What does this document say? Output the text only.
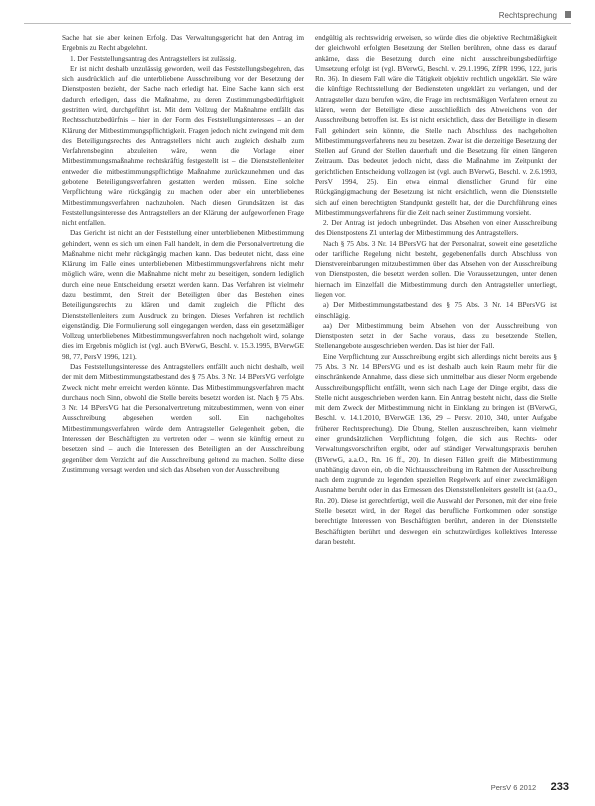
Rechtsprechung

Sache hat sie aber keinen Erfolg. Das Verwaltungsgericht hat den Antrag im Ergebnis zu Recht abgelehnt.

1. Der Feststellungsantrag des Antragstellers ist zulässig.

Er ist nicht deshalb unzulässig geworden, weil das Feststellungsbegehren, das sich ausdrücklich auf die unterbliebene Ausschreibung vor der Besetzung der Dienstposten bezieht, der Sache nach erledigt hat. Eine Sache kann sich erst dadurch erledigen, dass die Maßnahme, zu deren Zustimmungsbedürftigkeit gestritten wird, durchgeführt ist. Mit dem Vollzug der Maßnahme entfällt das Rechtsschutzbedürfnis – hier in der Form des Feststellungsinteresses – an der Klärung der Mitbestimmungspflichtigkeit. Fragen jedoch nicht zwingend mit dem des Beteiligungsrechts des Antragstellers nicht auch zugleich deshalb zum Verfahrensbeginn abzuleiten wäre, wenn die Vorlage einer Mitbestimmungsmaßnahme rechtskräftig festgestellt ist – die Dienststellenleiter entweder die mitbestimmungspflichtige Maßnahme zurückzunehmen und das gebotene Beteiligungsverfahren gestatten werden müssen. Eine solche Verpflichtung wäre rückgängig zu machen oder aber ein unterbliebenes Mitbestimmungsverfahren nachzuholen. Nach diesen Grundsätzen ist das Feststellungsinteresse des Antragstellers an der Klärung der aufgeworfenen Frage nicht entfallen.

Das Gericht ist nicht an der Feststellung einer unterbliebenen Mitbestimmung gehindert, wenn es sich um einen Fall handelt, in dem die Personalvertretung die Maßnahme nicht mehr rückgängig machen kann. Das bedeutet nicht, dass eine Klärung im Falle eines unterbliebenen Mitbestimmungsverfahrens nicht mehr möglich wäre, wenn die Maßnahme nicht mehr zu beseitigen, sondern lediglich durch eine neue Entscheidung ersetzt werden kann. Das Verfahren ist vielmehr dazu bestimmt, den Streit der Beteiligten über das Bestehen eines Beteiligungsrechts zu klären und damit zugleich die Pflicht des Dienststellenleiters zum Ausdruck zu bringen. Dieses Verfahren ist rechtlich eigenständig. Die Formulierung soll eingegangen werden, dass ein gesetzmäßiger Vollzug unterbliebenes Mitbestimmungsverfahren noch nachgeholt wird, solange dies im Ergebnis möglich ist (vgl. auch BVerwG, Beschl. v. 15.3.1995, BVerwGE 98, 77, PersV 1996, 121).

Das Feststellungsinteresse des Antragstellers entfällt auch nicht deshalb, weil der mit dem Mitbestimmungstatbestand des § 75 Abs. 3 Nr. 14 BPersVG verfolgte Zweck nicht mehr erreicht werden könnte. Das Mitbestimmungsverfahren macht durchaus noch Sinn, obwohl die Stelle bereits besetzt worden ist. Nach § 75 Abs. 3 Nr. 14 BPersVG hat die Personalvertretung mitzubestimmen, wenn von einer Ausschreibung abgesehen werden soll. Ein nachgeholtes Mitbestimmungsverfahren würde dem Antragsteller Gelegenheit geben, die Interessen der Beschäftigten zu vertreten oder – wenn sie künftig erneut zu besetzen sind – auch die Interessen des Beteiligten an der Ausschreibung gegenüber dem Verzicht auf die Ausschreibung geltend zu machen. Sollte diese Zustimmung versagt werden und sich das Absehen von der Ausschreibung

endgültig als rechtswidrig erweisen, so würde dies die objektive Rechtmäßigkeit der gleichwohl erfolgten Besetzung der Stellen berühren, ohne dass es darauf ankäme, dass die Besetzung durch eine nicht ausschreibungsbedürftige Umsetzung erfolgt ist (vgl. BVerwG, Beschl. v. 29.1.1996, ZfPR 1996, 122, juris Rn. 36). In diesem Fall wäre die Tätigkeit objektiv rechtlich ungeklärt. Sie wäre die künftige Rechtsstellung der Bediensteten ungeklärt zu verlangen, und der Antragsteller dazu berufen wäre, die Frage im rechtsmäßigen Verfahren erneut zu klären, wenn der Beteiligte diese ausschließlich des Abweichens von der Ausschreibung betroffen ist. Es ist nicht ersichtlich, dass der Beteiligte in diesem Fall gehindert sein könnte, die Stelle nach Abschluss des nachgeholten Mitbestimmungsverfahrens neu zu besetzen. Zwar ist die derzeitige Besetzung der Stellen auf Grund der Stellen dauerhaft und die Besetzung für einen längeren Zeitraum. Das bedeutet jedoch nicht, dass die Maßnahme im Zeitpunkt der gerichtlichen Entscheidung vollzogen ist (vgl. auch BVerwG, Beschl. v. 2.6.1993, PersV 1994, 25). Ein etwa einmal dienstlicher Grund für eine Rückgängigmachung der Besetzung ist nicht ersichtlich, wenn die Dienststelle sich auf einen berechtigten Standpunkt gestellt hat, der die Durchführung eines Mitbestimmungsverfahrens für die Zeit nach seiner Zustimmung vorsieht.

2. Der Antrag ist jedoch unbegründet. Das Absehen von einer Ausschreibung des Dienstpostens Z1 unterlag der Mitbestimmung des Antragstellers.

Nach § 75 Abs. 3 Nr. 14 BPersVG hat der Personalrat, soweit eine gesetzliche oder tarifliche Regelung nicht besteht, gegebenenfalls durch Abschluss von Dienstvereinbarungen mitzubestimmen über das Absehen von der Ausschreibung von Dienstposten, die besetzt werden sollen. Die Voraussetzungen, unter denen hiernach im Einzelfall die Mitbestimmung durch den Antragsteller unterliegt, liegen vor.

a) Der Mitbestimmungstatbestand des § 75 Abs. 3 Nr. 14 BPersVG ist einschlägig.

aa) Der Mitbestimmung beim Absehen von der Ausschreibung von Dienstposten setzt in der Sache voraus, dass zu besetzende Stellen, Stellenangebote ausgeschrieben werden. Das ist hier der Fall.

Eine Verpflichtung zur Ausschreibung ergibt sich allerdings nicht bereits aus § 75 Abs. 3 Nr. 14 BPersVG und es ist deshalb auch kein Raum mehr für die einschränkende Annahme, dass diese sich unmittelbar aus dieser Norm ergebende Ausschreibungspflicht entfällt, wenn sich nach Lage der Dinge ergibt, dass die Stelle nicht ausgeschrieben werden kann. Ein Antrag besteht nicht, dass die Stelle mit dem Zweck der Mitbestimmung nicht in Einklang zu bringen ist (BVerwG, Beschl. v. 14.1.2010, BVerwGE 136, 29 – Persv. 2010, 340, unter Aufgabe früherer Rechtsprechung). Die Übung, Stellen auszuschreiben, kann vielmehr einer grundsätzlichen Verpflichtung folgen, die sich aus Rechts- oder Verwaltungsvorschriften ergibt, oder auf ständiger Verwaltungspraxis beruhen (BVerwG, a.a.O., Rn. 16 ff., 20). In diesen Fällen greift die Mitbestimmung unabhängig davon ein, ob die Nichtausschreibung im Rahmen der Ausschreibung nach dem zugrunde zu legenden speziellen Regelwerk auf einer zweckmäßigen Ausnahme beruht oder in das Ermessen des Dienststellenleiters gestellt ist (a.a.O., Rn. 20). Diese ist gerechtfertigt, weil die Auswahl der Personen, mit der eine freie Stelle besetzt wird, in der Regel das berufliche Fortkommen oder sonstige berechtigte Interessen von Beschäftigten berührt, anderen in der Dienststelle Beschäftigten berührt und deswegen ein schutzwürdiges kollektives Interesse daran besteht.

PersV 6 2012 233
